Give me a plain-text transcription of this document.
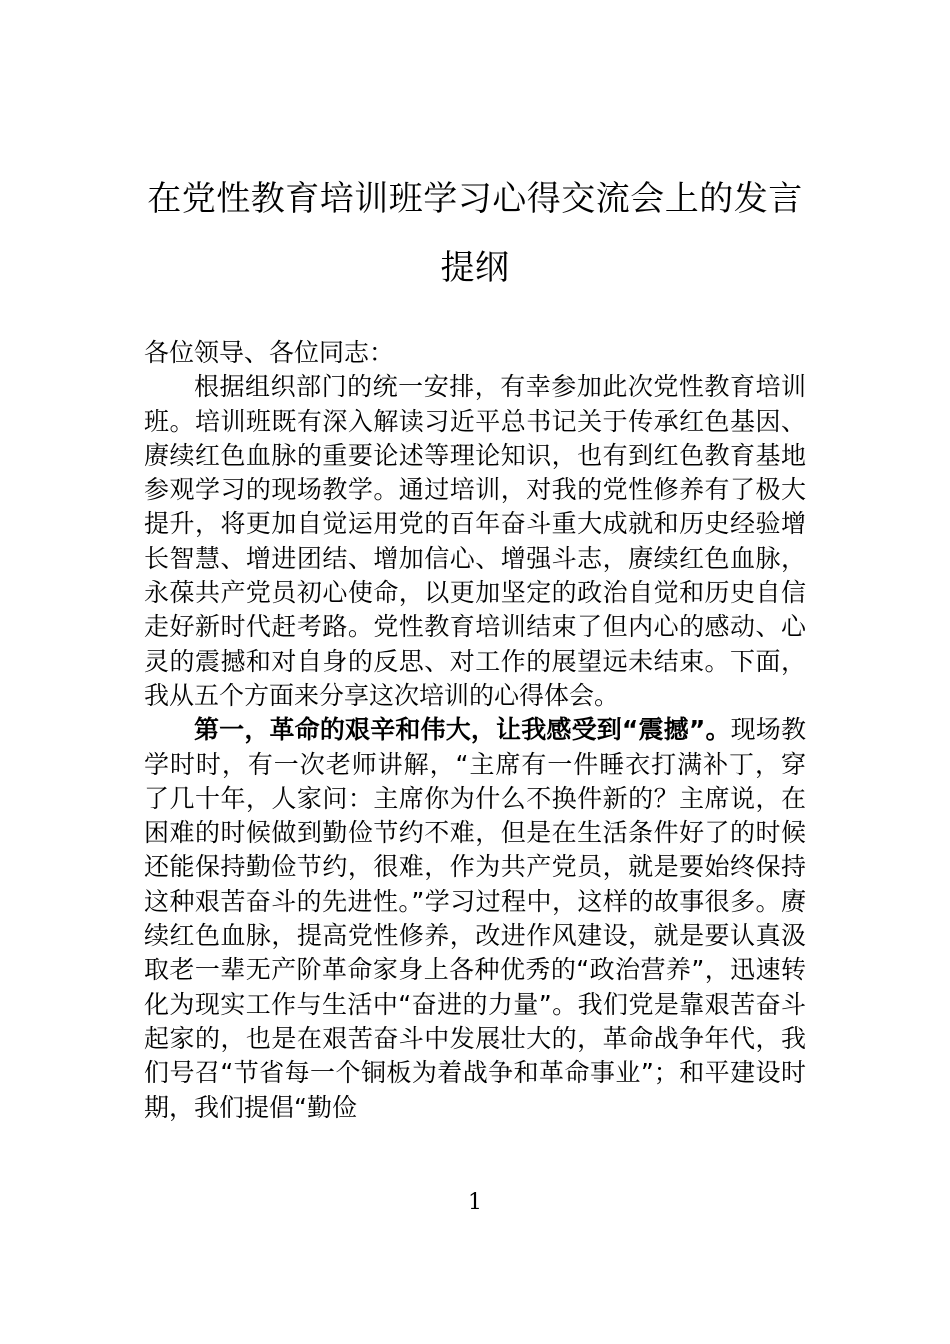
在党性教育培训班学习心得交流会上的发言提纲

各位领导、各位同志：

根据组织部门的统一安排，有幸参加此次党性教育培训班。培训班既有深入解读习近平总书记关于传承红色基因、赓续红色血脉的重要论述等理论知识，也有到红色教育基地参观学习的现场教学。通过培训，对我的党性修养有了极大提升，将更加自觉运用党的百年奋斗重大成就和历史经验增长智慧、增进团结、增加信心、增强斗志，赓续红色血脉，永葆共产党员初心使命，以更加坚定的政治自觉和历史自信走好新时代赶考路。党性教育培训结束了但内心的感动、心灵的震撼和对自身的反思、对工作的展望远未结束。下面，我从五个方面来分享这次培训的心得体会。

第一，革命的艰辛和伟大，让我感受到“震撼”。现场教学时时，有一次老师讲解，“主席有一件睡衣打满补丁，穿了几十年，人家问：主席你为什么不换件新的？主席说，在困难的时候做到勤俭节约不难，但是在生活条件好了的时候还能保持勤俭节约，很难，作为共产党员，就是要始终保持这种艰苦奋斗的先进性。”学习过程中，这样的故事很多。赓续红色血脉，提高党性修养，改进作风建设，就是要认真汲取老一辈无产阶革命家身上各种优秀的“政治营养”，迅速转化为现实工作与生活中“奋进的力量”。我们党是靠艰苦奋斗起家的，也是在艰苦奋斗中发展壮大的，革命战争年代，我们号召“节省每一个铜板为着战争和革命事业”；和平建设时期，我们提倡“勤俭

1
